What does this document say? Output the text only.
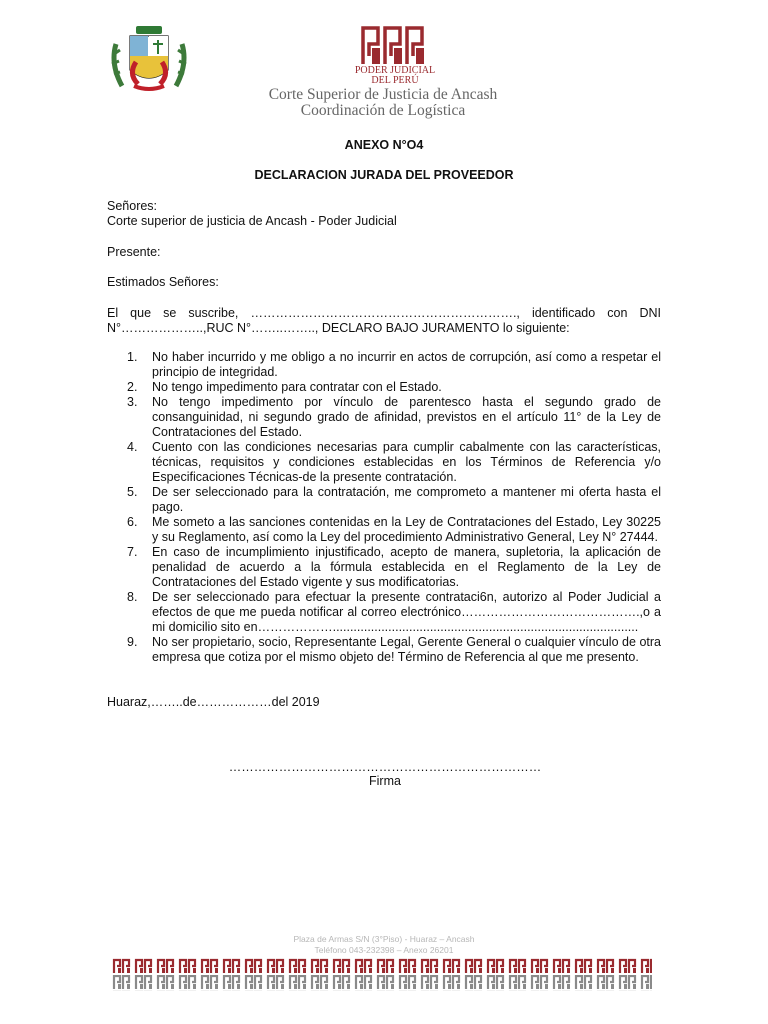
PODER JUDICIAL
DEL PERÚ
Corte Superior de Justicia de Ancash
Coordinación de Logística
ANEXO N°O4
DECLARACION JURADA DEL PROVEEDOR
Señores:
Corte superior de justicia de Ancash - Poder Judicial
Presente:
Estimados Señores:
El que se suscribe, ………………………………………………………., identificado con DNI
N°………………..,RUC N°……..…….., DECLARO BAJO JURAMENTO lo siguiente:
1. No haber incurrido y me obligo a no incurrir en actos de corrupción, así como a respetar el principio de integridad.
2. No tengo impedimento para contratar con el Estado.
3. No tengo impedimento por vínculo de parentesco hasta el segundo grado de consanguinidad, ni segundo grado de afinidad, previstos en el artículo 11° de la Ley de Contrataciones del Estado.
4. Cuento con las condiciones necesarias para cumplir cabalmente con las características, técnicas, requisitos y condiciones establecidas en los Términos de Referencia y/o Especificaciones Técnicas-de la presente contratación.
5. De ser seleccionado para la contratación, me comprometo a mantener mi oferta hasta el pago.
6. Me someto a las sanciones contenidas en la Ley de Contrataciones del Estado, Ley 30225 y su Reglamento, así como la Ley del procedimiento Administrativo General, Ley N° 27444.
7. En caso de incumplimiento injustificado, acepto de manera, supletoria, la aplicación de penalidad de acuerdo a la fórmula establecida en el Reglamento de la Ley de Contrataciones del Estado vigente y sus modificatorias.
8. De ser seleccionado para efectuar la presente contrataci6n, autorizo al Poder Judicial a efectos de que me pueda notificar al correo electrónico…………………………………….,o a mi domicilio sito en………………........................................................................................
9. No ser propietario, socio, Representante Legal, Gerente General o cualquier vínculo de otra empresa que cotiza por el mismo objeto de! Término de Referencia al que me presento.
Huaraz,……..de………………del 2019
…………………………………………………………………
Firma
Plaza de Armas S/N (3°Piso) - Huaraz – Ancash
Teléfono 043-232398 – Anexo 26201
